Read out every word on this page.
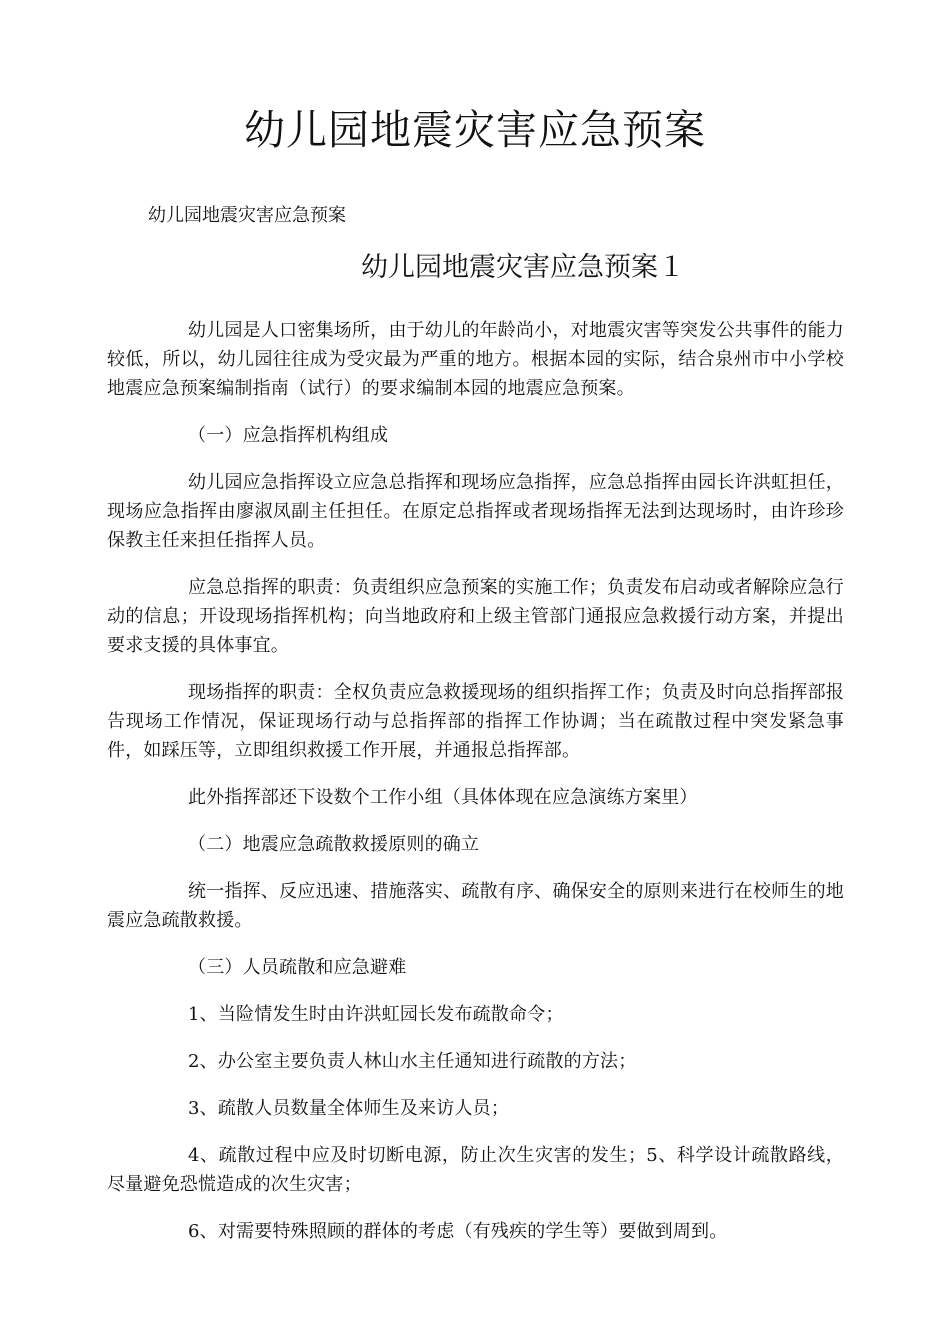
幼儿园地震灾害应急预案
幼儿园地震灾害应急预案
幼儿园地震灾害应急预案１

幼儿园是人口密集场所，由于幼儿的年龄尚小，对地震灾害等突发公共事件的能力较低，所以，幼儿园往往成为受灾最为严重的地方。根据本园的实际，结合泉州市中小学校地震应急预案编制指南（试行）的要求编制本园的地震应急预案。

（一）应急指挥机构组成

幼儿园应急指挥设立应急总指挥和现场应急指挥，应急总指挥由园长许洪虹担任，现场应急指挥由廖淑凤副主任担任。在原定总指挥或者现场指挥无法到达现场时，由许珍珍保教主任来担任指挥人员。

应急总指挥的职责：负责组织应急预案的实施工作；负责发布启动或者解除应急行动的信息；开设现场指挥机构；向当地政府和上级主管部门通报应急救援行动方案，并提出要求支援的具体事宜。

现场指挥的职责：全权负责应急救援现场的组织指挥工作；负责及时向总指挥部报告现场工作情况，保证现场行动与总指挥部的指挥工作协调；当在疏散过程中突发紧急事件，如踩压等，立即组织救援工作开展，并通报总指挥部。

此外指挥部还下设数个工作小组（具体体现在应急演练方案里）

（二）地震应急疏散救援原则的确立

统一指挥、反应迅速、措施落实、疏散有序、确保安全的原则来进行在校师生的地震应急疏散救援。

（三）人员疏散和应急避难

1、当险情发生时由许洪虹园长发布疏散命令；

2、办公室主要负责人林山水主任通知进行疏散的方法；

3、疏散人员数量全体师生及来访人员；

4、疏散过程中应及时切断电源，防止次生灾害的发生；5、科学设计疏散路线，尽量避免恐慌造成的次生灾害；

6、对需要特殊照顾的群体的考虑（有残疾的学生等）要做到周到。
